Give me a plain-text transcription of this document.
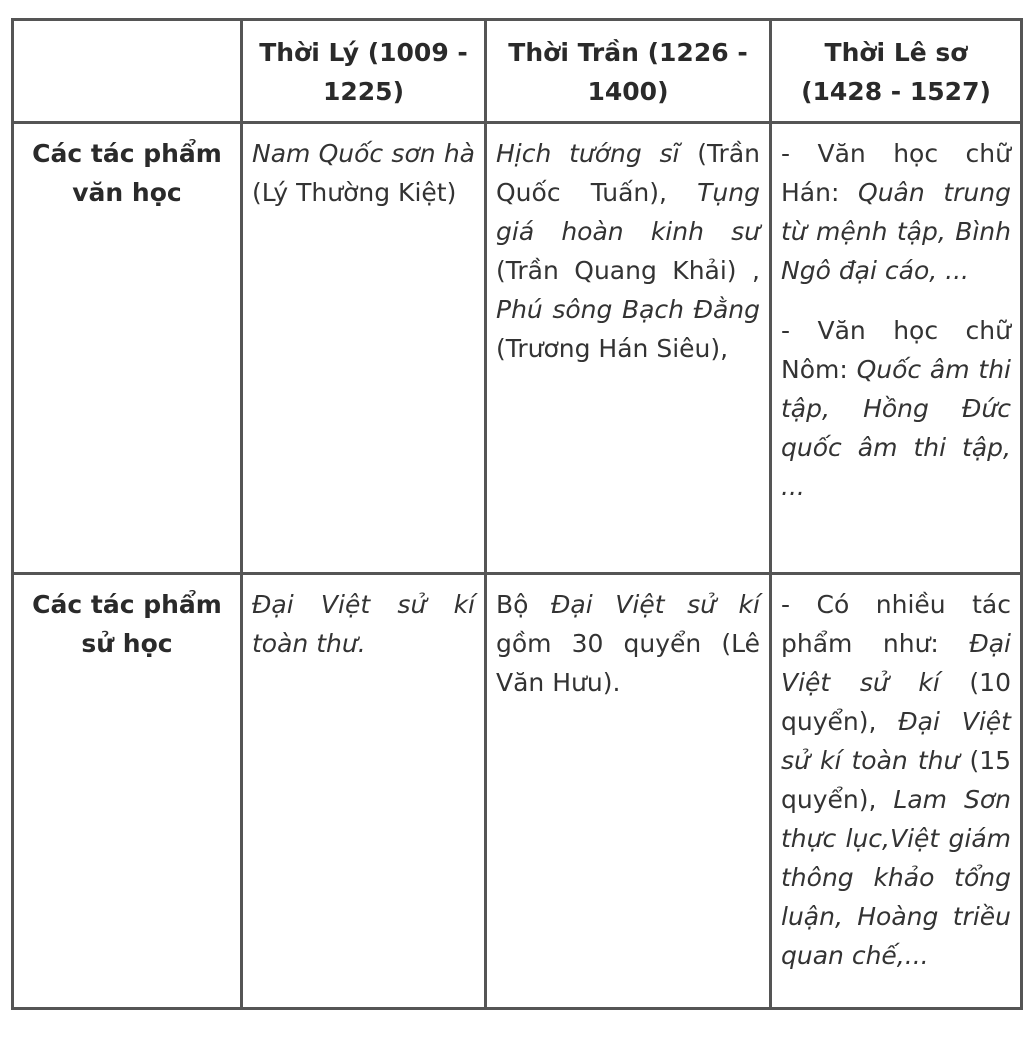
	Thời Lý (1009 - 1225)	Thời Trần (1226 - 1400)	Thời Lê sơ (1428 - 1527)
Các tác phẩm văn học	Nam Quốc sơn hà (Lý Thường Kiệt)	Hịch tướng sĩ (Trần Quốc Tuấn), Tụng giá hoàn kinh sư (Trần Quang Khải) , Phú sông Bạch Đằng (Trương Hán Siêu),	- Văn học chữ Hán: Quân trung từ mệnh tập, Bình Ngô đại cáo, ...

- Văn học chữ Nôm: Quốc âm thi tập, Hồng Đức quốc âm thi tập, ...

Các tác phẩm sử học	Đại Việt sử kí toàn thư.	Bộ Đại Việt sử kí gồm 30 quyển (Lê Văn Hưu).	- Có nhiều tác phẩm như: Đại Việt sử kí (10 quyển), Đại Việt sử kí toàn thư (15 quyển), Lam Sơn thực lục,Việt giám thông khảo tổng luận, Hoàng triều quan chế,...
